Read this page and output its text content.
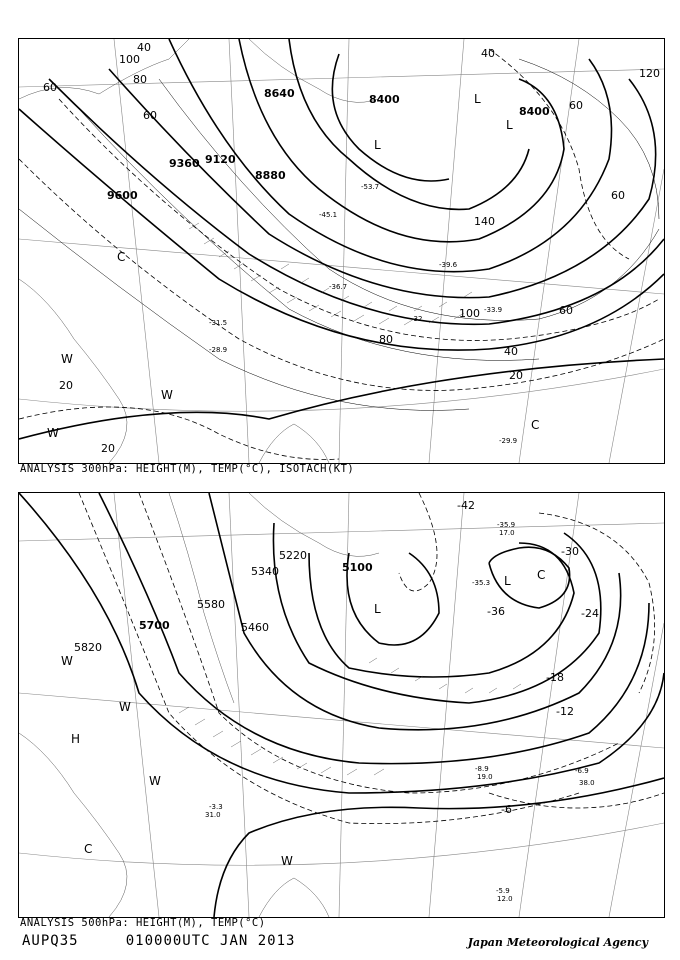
9600
9360 9120
8880
8640	8400
8400
100
80
60
60
40
140
120
60
60
80
40
20
20
20
40
60
100
-28.9
-31.5	-32
-33.9
-36.7
-39.6
-45.1
-53.7
-29.9
L
L
L
C
C
W
W
W
ANALYSIS 300hPa: HEIGHT(M), TEMP(°C), ISOTACH(KT)
5820
5700
5580
5460
5340
5220
5100
-42
-36
-30
-24
-18
-12
-6
-35.9
17.0
-35.3
-8.9
19.0
-6.9
38.0
-5.9
12.0
-3.3
31.0
L
L
H
W
W
W
C
C
W
ANALYSIS 500hPa: HEIGHT(M), TEMP(°C)
AUPQ35	010000UTC JAN 2013	Japan Meteorological Agency
